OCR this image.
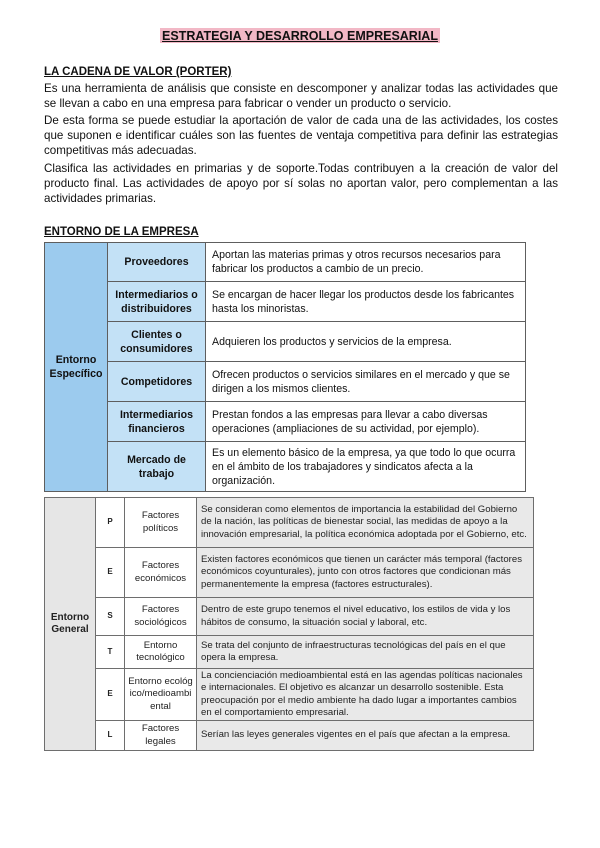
ESTRATEGIA Y DESARROLLO EMPRESARIAL
LA CADENA DE VALOR (PORTER)

Es una herramienta de análisis que consiste en descomponer y analizar todas las actividades que se llevan a cabo en una empresa para fabricar o vender un producto o servicio.

De esta forma se puede estudiar la aportación de valor de cada una de las actividades, los costes que suponen e identificar cuáles son las fuentes de ventaja competitiva para definir las estrategias competitivas más adecuadas.

Clasifica las actividades en primarias y de soporte.Todas contribuyen a la creación de valor del producto final. Las actividades de apoyo por sí solas no aportan valor, pero complementan a las actividades primarias.

ENTORNO DE LA EMPRESA
Entorno Específico	Proveedores	Aportan las materias primas y otros recursos necesarios para fabricar los productos a cambio de un precio.
	Intermediarios o distribuidores	Se encargan de hacer llegar los productos desde los fabricantes hasta los minoristas.
	Clientes o consumidores	Adquieren los productos y servicios de la empresa.
	Competidores	Ofrecen productos o servicios similares en el mercado y que se dirigen a los mismos clientes.
	Intermediarios financieros	Prestan fondos a las empresas para llevar a cabo diversas operaciones (ampliaciones de su actividad, por ejemplo).
	Mercado de trabajo	Es un elemento básico de la empresa, ya que todo lo que ocurra en el ámbito de los trabajadores y sindicatos afecta a la organización.
Entorno General	P	Factores políticos	Se consideran como elementos de importancia la estabilidad del Gobierno de la nación, las políticas de bienestar social, las medidas de apoyo a la innovación empresarial, la política económica adoptada por el Gobierno, etc.
	E	Factores económicos	Existen factores económicos que tienen un carácter más temporal (factores económicos coyunturales), junto con otros factores que condicionan más permanentemente la empresa (factores estructurales).
	S	Factores sociológicos	Dentro de este grupo tenemos el nivel educativo, los estilos de vida y los hábitos de consumo, la situación social y laboral, etc.
	T	Entorno tecnológico	Se trata del conjunto de infraestructuras tecnológicas del país en el que opera la empresa.
	E	Entorno ecológico/medioambiental	La concienciación medioambiental está en las agendas políticas nacionales e internacionales. El objetivo es alcanzar un desarrollo sostenible. Esta preocupación por el medio ambiente ha dado lugar a importantes cambios en el comportamiento empresarial.
	L	Factores legales	Serían las leyes generales vigentes en el país que afectan a la empresa.
